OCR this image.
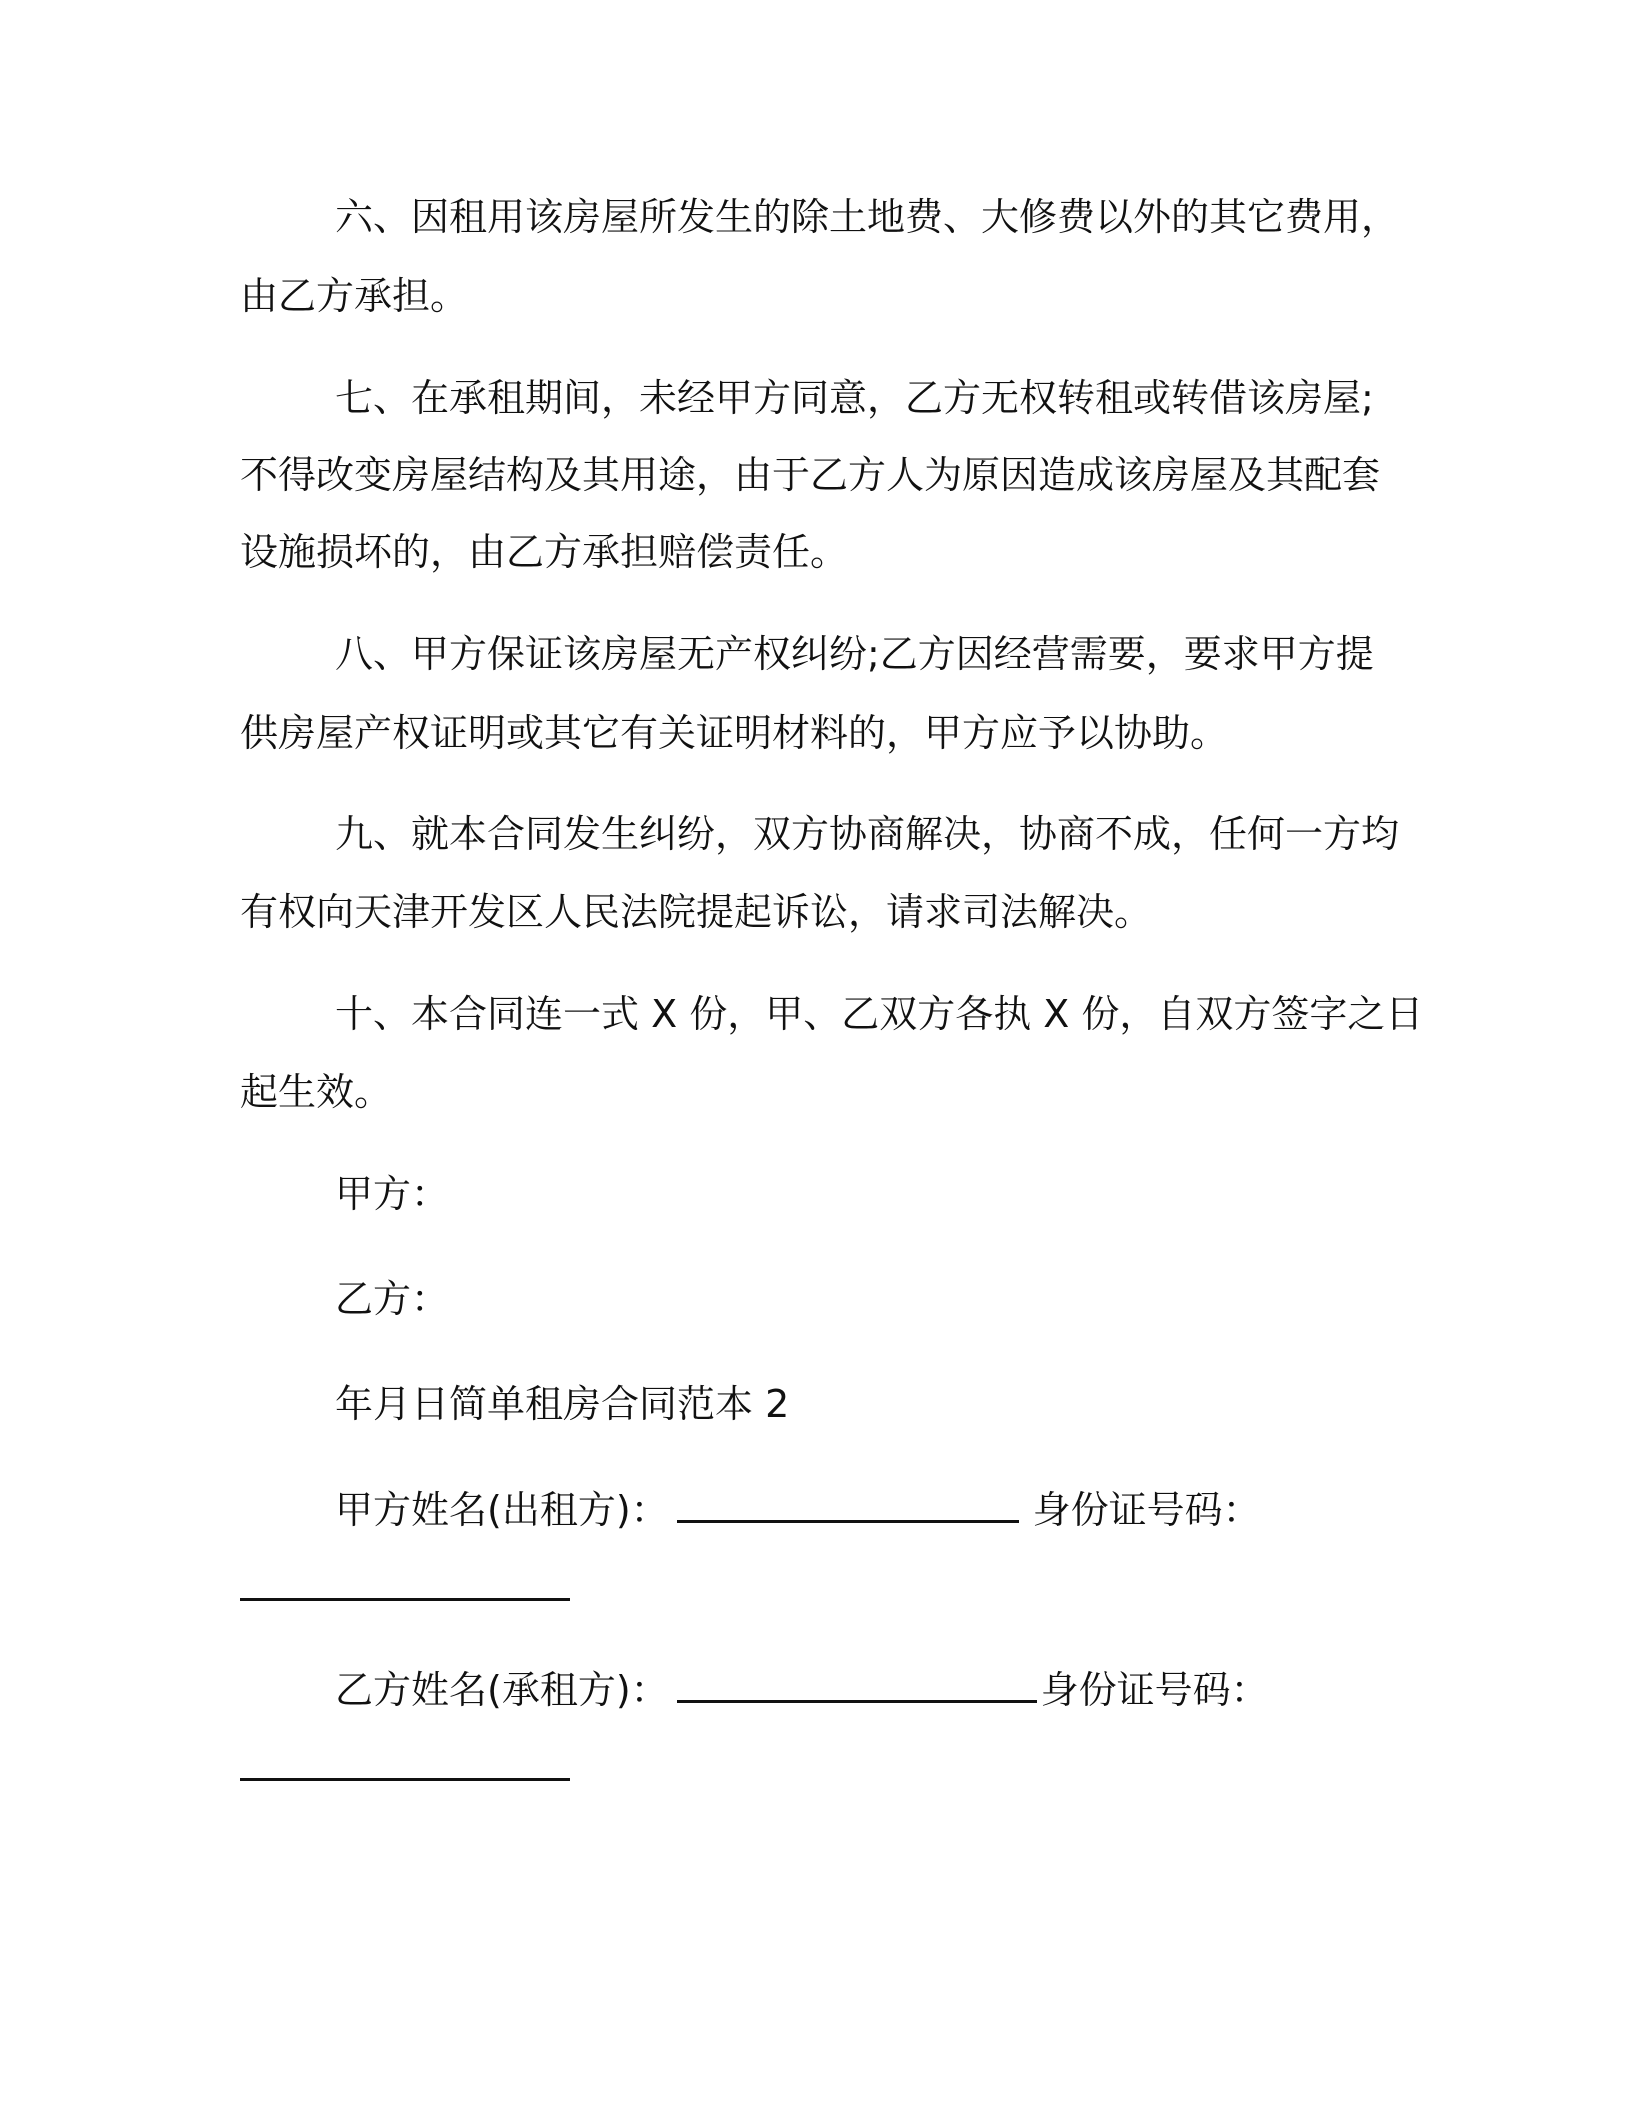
六、因租用该房屋所发生的除土地费、大修费以外的其它费用，
由乙方承担。
七、在承租期间，未经甲方同意，乙方无权转租或转借该房屋;
不得改变房屋结构及其用途，由于乙方人为原因造成该房屋及其配套
设施损坏的，由乙方承担赔偿责任。
八、甲方保证该房屋无产权纠纷;乙方因经营需要，要求甲方提
供房屋产权证明或其它有关证明材料的，甲方应予以协助。
九、就本合同发生纠纷，双方协商解决，协商不成，任何一方均
有权向天津开发区人民法院提起诉讼，请求司法解决。
十、本合同连一式 X 份，甲、乙双方各执 X 份，自双方签字之日
起生效。
甲方：
乙方：
年月日简单租房合同范本 2
甲方姓名(出租方)：	身份证号码：
乙方姓名(承租方)：	身份证号码：
